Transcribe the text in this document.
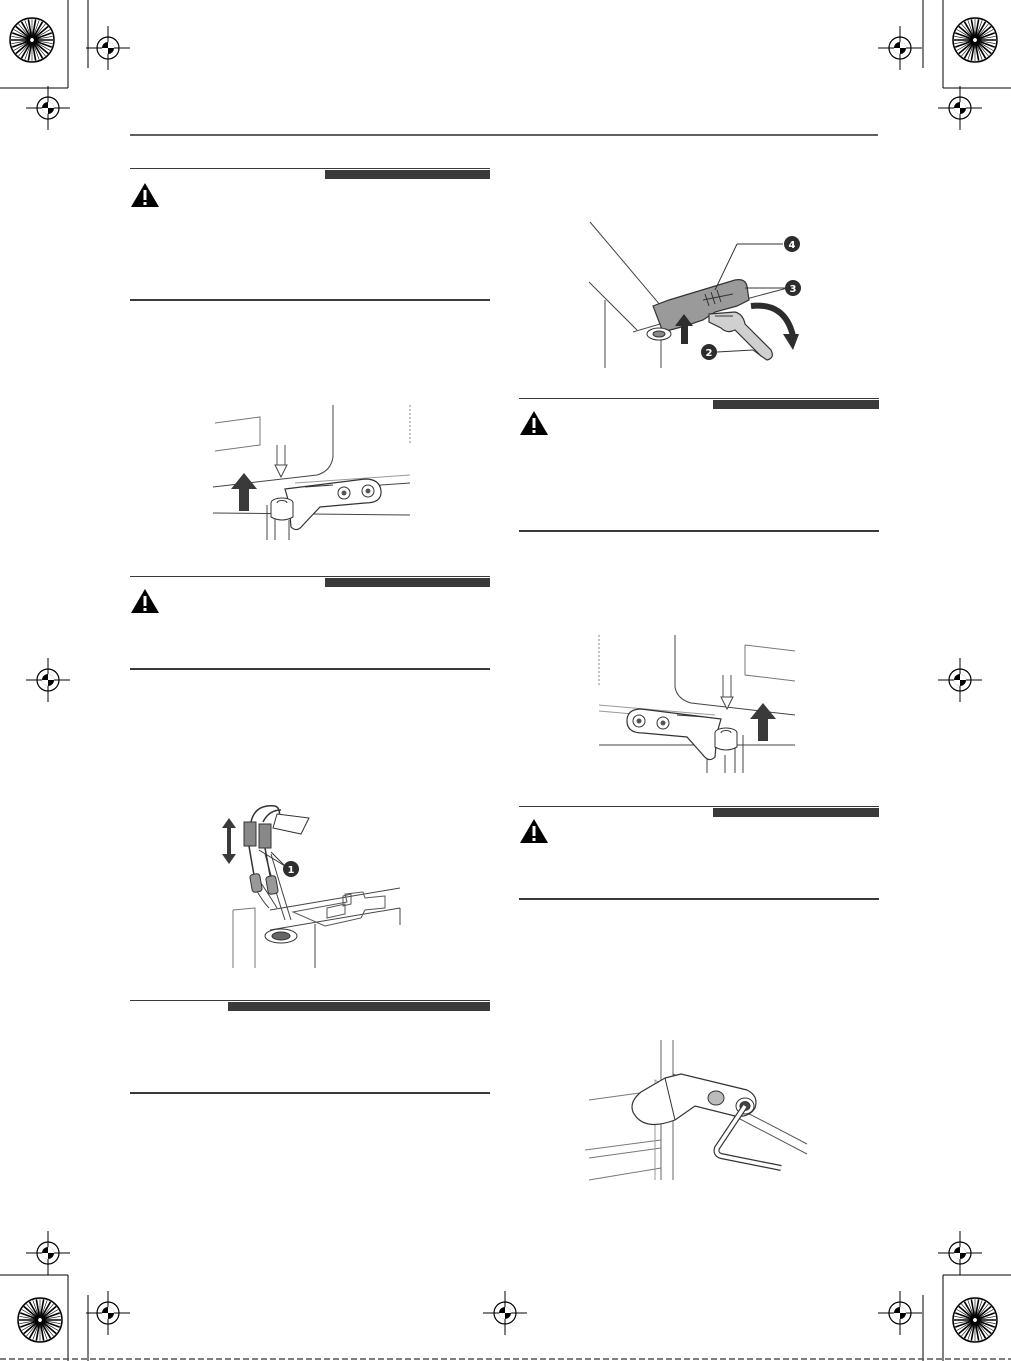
1
4
3
2
